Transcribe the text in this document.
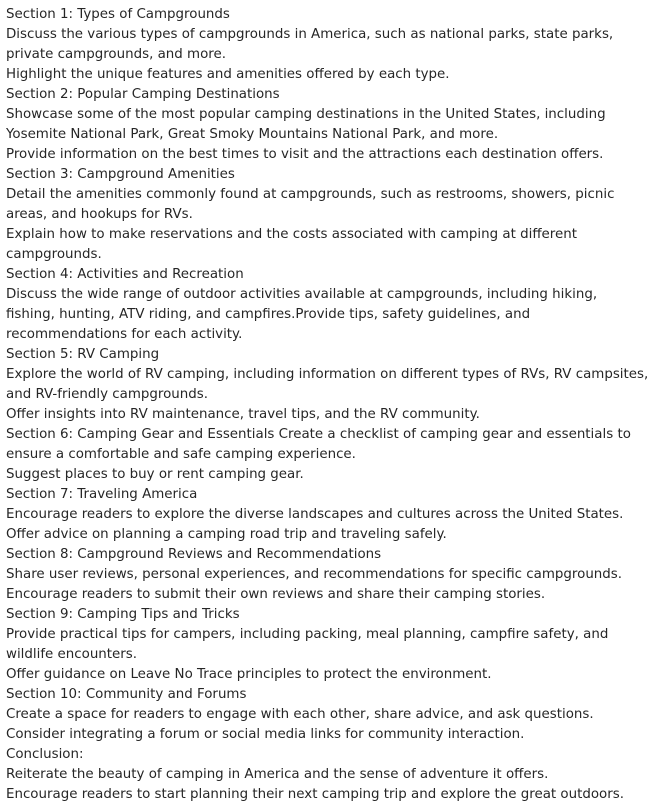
Section 1: Types of Campgrounds

Discuss the various types of campgrounds in America, such as national parks, state parks, private campgrounds, and more.

Highlight the unique features and amenities offered by each type.

Section 2: Popular Camping Destinations

Showcase some of the most popular camping destinations in the United States, including Yosemite National Park, Great Smoky Mountains National Park, and more.

Provide information on the best times to visit and the attractions each destination offers.

Section 3: Campground Amenities

Detail the amenities commonly found at campgrounds, such as restrooms, showers, picnic areas, and hookups for RVs.

Explain how to make reservations and the costs associated with camping at different campgrounds.

Section 4: Activities and Recreation

Discuss the wide range of outdoor activities available at campgrounds, including hiking, fishing, hunting, ATV riding, and campfires.Provide tips, safety guidelines, and recommendations for each activity.

Section 5: RV Camping

Explore the world of RV camping, including information on different types of RVs, RV campsites, and RV-friendly campgrounds.

Offer insights into RV maintenance, travel tips, and the RV community.

Section 6: Camping Gear and Essentials Create a checklist of camping gear and essentials to ensure a comfortable and safe camping experience.

Suggest places to buy or rent camping gear.

Section 7: Traveling America

Encourage readers to explore the diverse landscapes and cultures across the United States. Offer advice on planning a camping road trip and traveling safely.

Section 8: Campground Reviews and Recommendations

Share user reviews, personal experiences, and recommendations for specific campgrounds.

Encourage readers to submit their own reviews and share their camping stories.

Section 9: Camping Tips and Tricks

Provide practical tips for campers, including packing, meal planning, campfire safety, and wildlife encounters.

Offer guidance on Leave No Trace principles to protect the environment.

Section 10: Community and Forums

Create a space for readers to engage with each other, share advice, and ask questions.

Consider integrating a forum or social media links for community interaction.

Conclusion:

Reiterate the beauty of camping in America and the sense of adventure it offers.

Encourage readers to start planning their next camping trip and explore the great outdoors.
